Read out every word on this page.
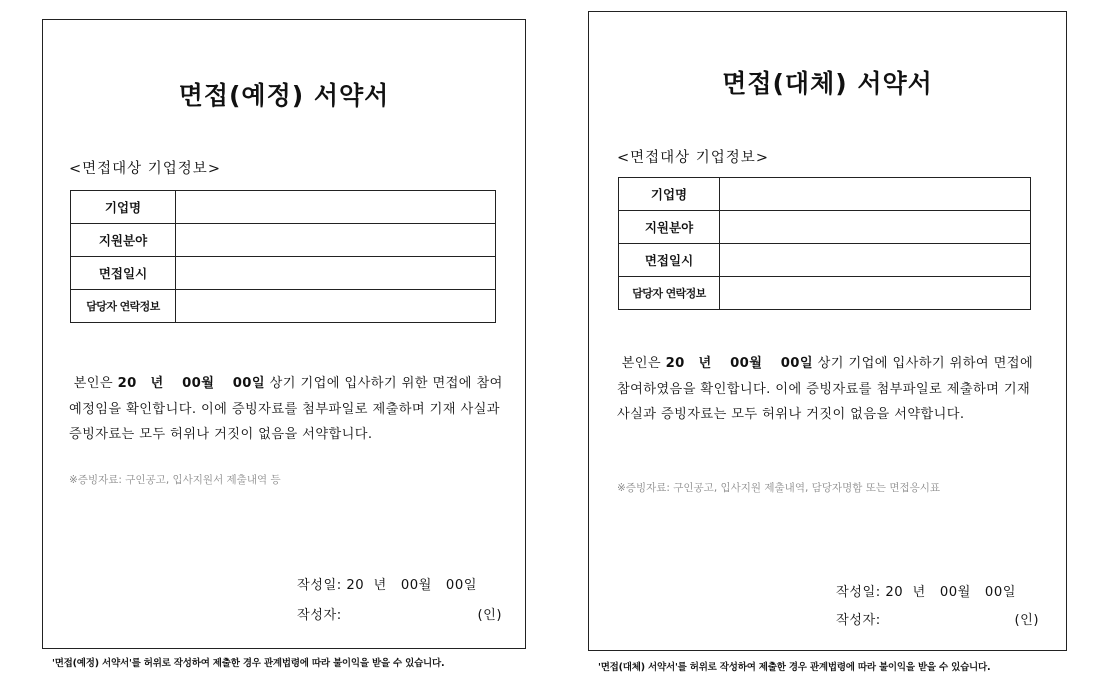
면접(예정) 서약서

<면접대상 기업정보>

기업명	
지원분야	
면접일시	
담당자 연락정보	

본인은 20 년 00월 00일 상기 기업에 입사하기 위한 면접에 참여 예정임을 확인합니다. 이에 증빙자료를 첨부파일로 제출하며 기재 사실과 증빙자료는 모두 허위나 거짓이 없음을 서약합니다.

※증빙자료: 구인공고, 입사지원서 제출내역 등

작성일: 20  년   00월   00일
작성자:	(인)

'면접(예정) 서약서'를 허위로 작성하여 제출한 경우 관계법령에 따라 불이익을 받을 수 있습니다.

면접(대체) 서약서

<면접대상 기업정보>

기업명	
지원분야	
면접일시	
담당자 연락정보	

본인은 20 년 00월 00일 상기 기업에 입사하기 위하여 면접에 참여하였음을 확인합니다. 이에 증빙자료를 첨부파일로 제출하며 기재 사실과 증빙자료는 모두 허위나 거짓이 없음을 서약합니다.

※증빙자료: 구인공고, 입사지원 제출내역, 담당자명함 또는 면접응시표

작성일: 20  년   00월   00일
작성자:	(인)

'면접(대체) 서약서'를 허위로 작성하여 제출한 경우 관계법령에 따라 불이익을 받을 수 있습니다.
